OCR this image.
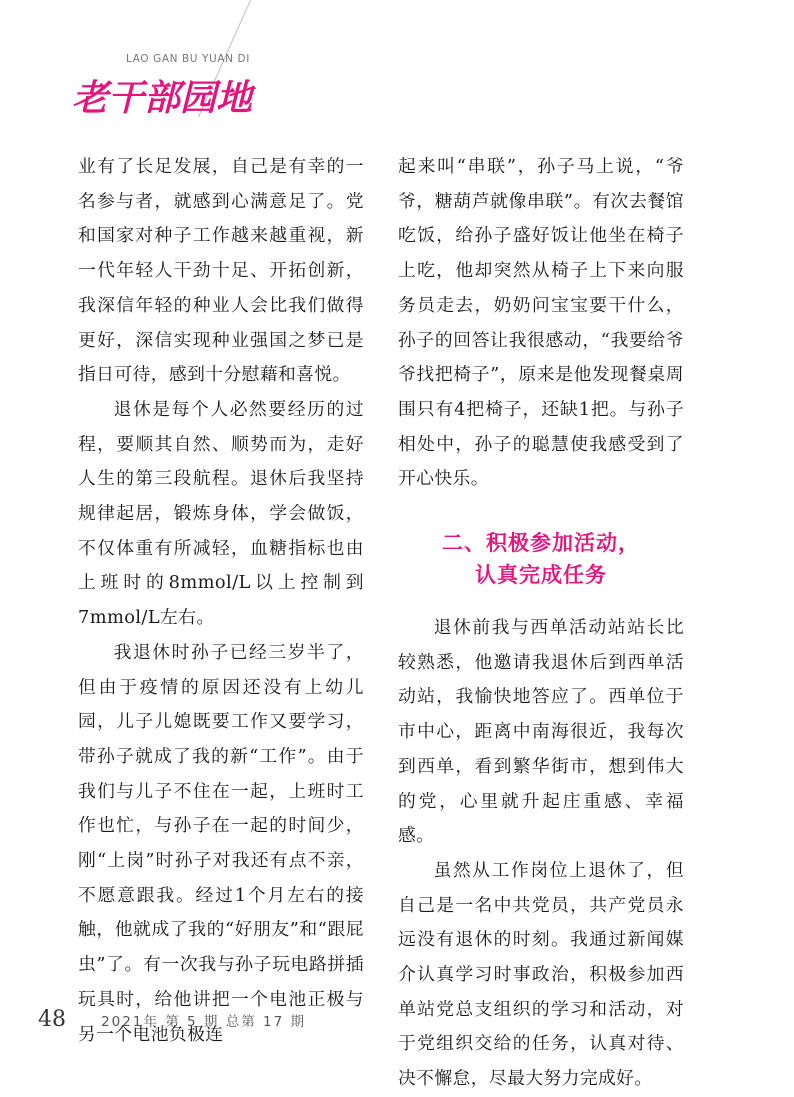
LAO GAN BU YUAN DI
老干部园地

业有了长足发展，自己是有幸的一名参与者，就感到心满意足了。党和国家对种子工作越来越重视，新一代年轻人干劲十足、开拓创新，我深信年轻的种业人会比我们做得更好，深信实现种业强国之梦已是指日可待，感到十分慰藉和喜悦。

退休是每个人必然要经历的过程，要顺其自然、顺势而为，走好人生的第三段航程。退休后我坚持规律起居，锻炼身体，学会做饭，不仅体重有所减轻，血糖指标也由上班时的8mmol/L以上控制到7mmol/L左右。

我退休时孙子已经三岁半了，但由于疫情的原因还没有上幼儿园，儿子儿媳既要工作又要学习，带孙子就成了我的新“工作”。由于我们与儿子不住在一起，上班时工作也忙，与孙子在一起的时间少，刚“上岗”时孙子对我还有点不亲，不愿意跟我。经过1个月左右的接触，他就成了我的“好朋友”和“跟屁虫”了。有一次我与孙子玩电路拼插玩具时，给他讲把一个电池正极与另一个电池负极连

起来叫“串联”，孙子马上说，“爷爷，糖葫芦就像串联”。有次去餐馆吃饭，给孙子盛好饭让他坐在椅子上吃，他却突然从椅子上下来向服务员走去，奶奶问宝宝要干什么，孙子的回答让我很感动，“我要给爷爷找把椅子”，原来是他发现餐桌周围只有4把椅子，还缺1把。与孙子相处中，孙子的聪慧使我感受到了开心快乐。

二、积极参加活动，
认真完成任务

退休前我与西单活动站站长比较熟悉，他邀请我退休后到西单活动站，我愉快地答应了。西单位于市中心，距离中南海很近，我每次到西单，看到繁华街市，想到伟大的党，心里就升起庄重感、幸福感。

虽然从工作岗位上退休了，但自己是一名中共党员，共产党员永远没有退休的时刻。我通过新闻媒介认真学习时事政治，积极参加西单站党总支组织的学习和活动，对于党组织交给的任务，认真对待、决不懈怠，尽最大努力完成好。

48	2021年 第 5 期 总第 17 期
